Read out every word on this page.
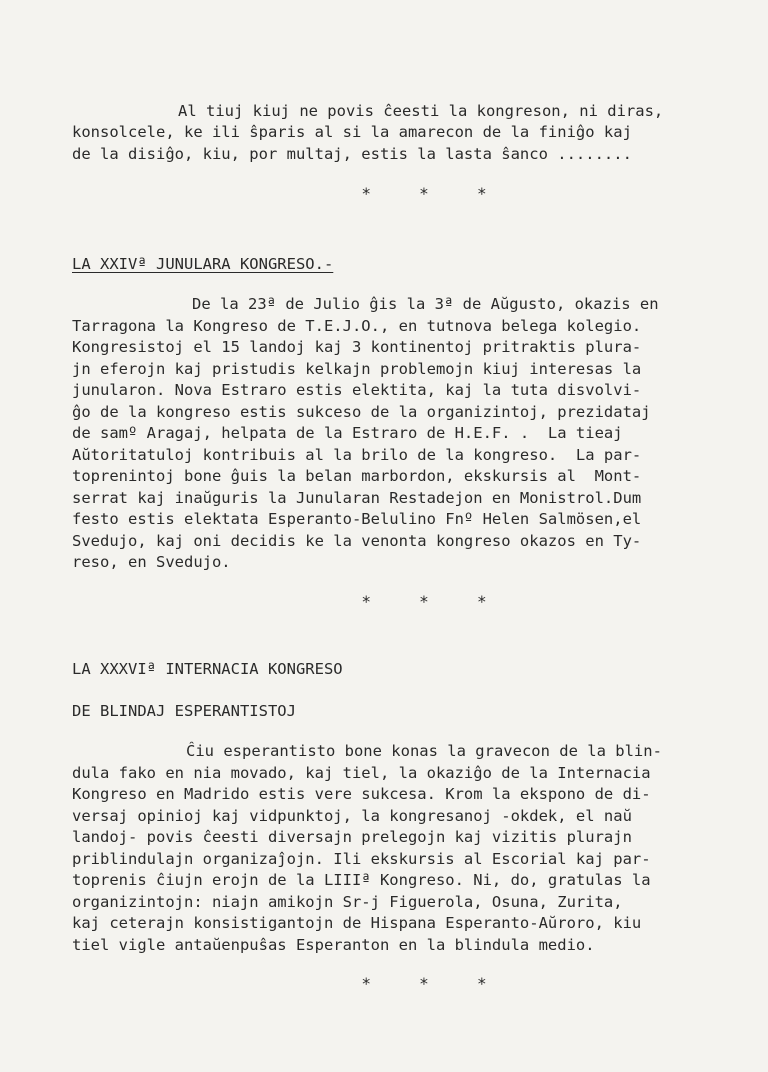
Al tiuj kiuj ne povis ĉeesti la kongreson, ni diras,
konsolcele, ke ili ŝparis al si la amarecon de la finiĝo kaj
de la disiĝo, kiu, por multaj, estis la lasta ŝanco ........
*     *     *
LA XXIVª JUNULARA KONGRESO.-
De la 23ª de Julio ĝis la 3ª de Aŭgusto, okazis en
Tarragona la Kongreso de T.E.J.O., en tutnova belega kolegio.
Kongresistoj el 15 landoj kaj 3 kontinentoj pritraktis plura-
jn eferojn kaj pristudis kelkajn problemojn kiuj interesas la
junularon. Nova Estraro estis elektita, kaj la tuta disvolvi-
ĝo de la kongreso estis sukceso de la organizintoj, prezidataj
de samº Aragaj, helpata de la Estraro de H.E.F. .  La tieaj
Aŭtoritatuloj kontribuis al la brilo de la kongreso.  La par-
toprenintoj bone ĝuis la belan marbordon, ekskursis al  Mont-
serrat kaj inaŭguris la Junularan Restadejon en Monistrol.Dum
festo estis elektata Esperanto-Belulino Fnº Helen Salmösen,el
Svedujo, kaj oni decidis ke la venonta kongreso okazos en Ty-
reso, en Svedujo.
*     *     *
LA XXXVIª INTERNACIA KONGRESO
DE BLINDAJ ESPERANTISTOJ
Ĉiu esperantisto bone konas la gravecon de la blin-
dula fako en nia movado, kaj tiel, la okaziĝo de la Internacia
Kongreso en Madrido estis vere sukcesa. Krom la ekspono de di-
versaj opinioj kaj vidpunktoj, la kongresanoj -okdek, el naŭ
landoj- povis ĉeesti diversajn prelegojn kaj vizitis plurajn
priblindulajn organizaĵojn. Ili ekskursis al Escorial kaj par-
toprenis ĉiujn erojn de la LIIIª Kongreso. Ni, do, gratulas la
organizintojn: niajn amikojn Sr-j Figuerola, Osuna, Zurita,
kaj ceterajn konsistigantojn de Hispana Esperanto-Aŭroro, kiu
tiel vigle antaŭenpuŝas Esperanton en la blindula medio.
*     *     *
